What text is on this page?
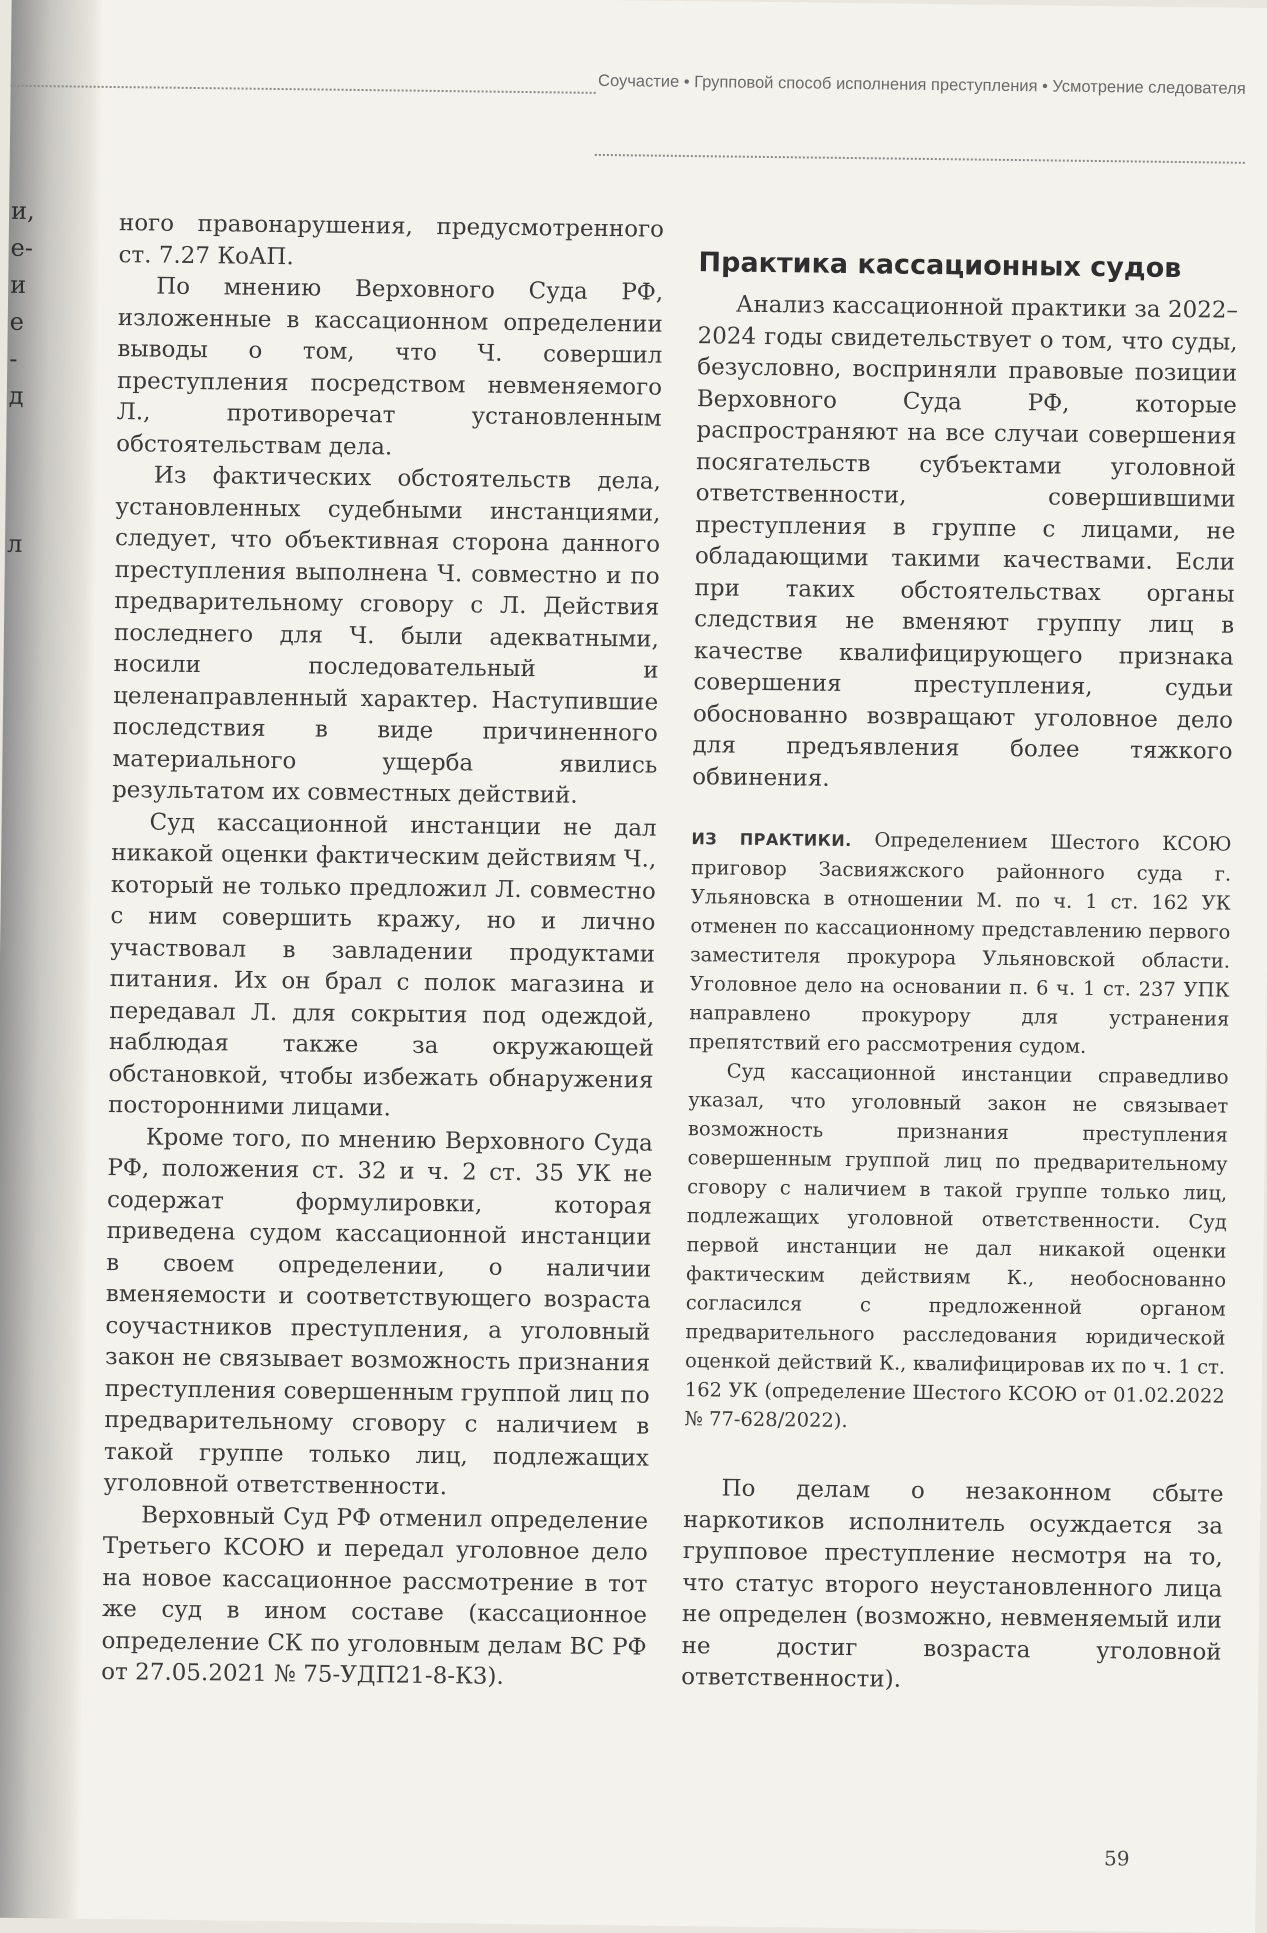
и,
е-
и
е
-
д
л
Соучастие • Групповой способ исполнения преступления • Усмотрение следователя

ного правонарушения, предусмотренного ст. 7.27 КоАП.

По мнению Верховного Суда РФ, изложенные в кассационном определении выводы о том, что Ч. совершил преступления посредством невменяемого Л., противоречат установленным обстоятельствам дела.

Из фактических обстоятельств дела, установленных судебными инстанциями, следует, что объективная сторона данного преступления выполнена Ч. совместно и по предварительному сговору с Л. Действия последнего для Ч. были адекватными, носили последовательный и целенаправленный характер. Наступившие последствия в виде причиненного материального ущерба явились результатом их совместных действий.

Суд кассационной инстанции не дал никакой оценки фактическим действиям Ч., который не только предложил Л. совместно с ним совершить кражу, но и лично участвовал в завладении продуктами питания. Их он брал с полок магазина и передавал Л. для сокрытия под одеждой, наблюдая также за окружающей обстановкой, чтобы избежать обнаружения посторонними лицами.

Кроме того, по мнению Верховного Суда РФ, положения ст. 32 и ч. 2 ст. 35 УК не содержат формулировки, которая приведена судом кассационной инстанции в своем определении, о наличии вменяемости и соответствующего возраста соучастников преступления, а уголовный закон не связывает возможность признания преступления совершенным группой лиц по предварительному сговору с наличием в такой группе только лиц, подлежащих уголовной ответственности.

Верховный Суд РФ отменил определение Третьего КСОЮ и передал уголовное дело на новое кассационное рассмотрение в тот же суд в ином составе (кассационное определение СК по уголовным делам ВС РФ от 27.05.2021 № 75-УДП21-8-К3).

Практика кассационных судов

Анализ кассационной практики за 2022–2024 годы свидетельствует о том, что суды, безусловно, восприняли правовые позиции Верховного Суда РФ, которые распространяют на все случаи совершения посягательств субъектами уголовной ответственности, совершившими преступления в группе с лицами, не обладающими такими качествами. Если при таких обстоятельствах органы следствия не вменяют группу лиц в качестве квалифицирующего признака совершения преступления, судьи обоснованно возвращают уголовное дело для предъявления более тяжкого обвинения.

ИЗ ПРАКТИКИ. Определением Шестого КСОЮ приговор Засвияжского районного суда г. Ульяновска в отношении М. по ч. 1 ст. 162 УК отменен по кассационному представлению первого заместителя прокурора Ульяновской области. Уголовное дело на основании п. 6 ч. 1 ст. 237 УПК направлено прокурору для устранения препятствий его рассмотрения судом.

Суд кассационной инстанции справедливо указал, что уголовный закон не связывает возможность признания преступления совершенным группой лиц по предварительному сговору с наличием в такой группе только лиц, подлежащих уголовной ответственности. Суд первой инстанции не дал никакой оценки фактическим действиям К., необоснованно согласился с предложенной органом предварительного расследования юридической оценкой действий К., квалифицировав их по ч. 1 ст. 162 УК (определение Шестого КСОЮ от 01.02.2022 № 77-628/2022).

По делам о незаконном сбыте наркотиков исполнитель осуждается за групповое преступление несмотря на то, что статус второго неустановленного лица не определен (возможно, невменяемый или не достиг возраста уголовной ответственности).

59
